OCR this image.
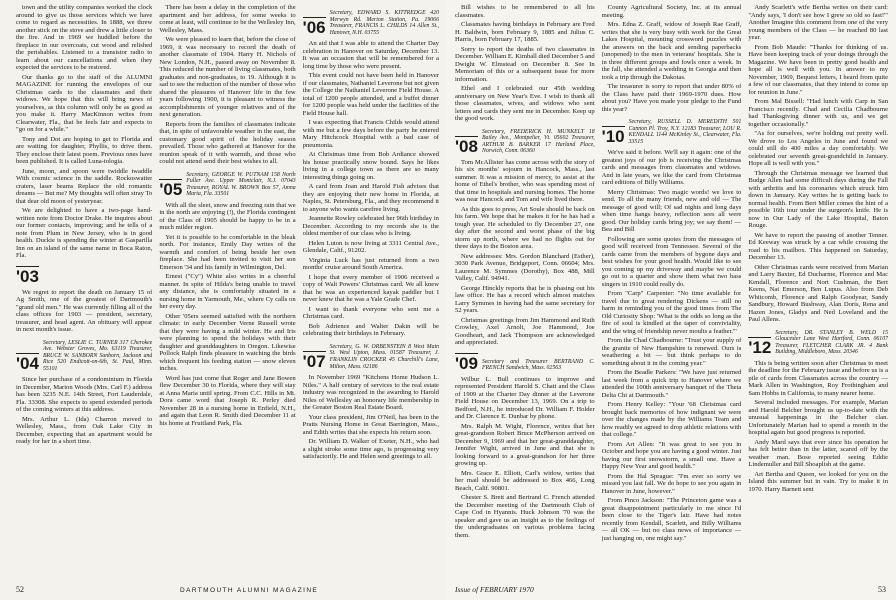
town and the utility companies worked the clock around to give us those services which we have come to regard as necessities. In 1888, we threw another stick on the stove and drew a little closer to the fire. And in 1969 we huddled before the fireplace in our overcoats, cut wood and relished the perishables. Listened to a transistor radio to learn about our cancellations and when they expected the services to be restored.

Our thanks go to the staff of the ALUMNI MAGAZINE for running the envelopes of our Christmas cards to the classmates and their widows. We hope that this will bring news of yourselves, as this column will only be as good as you make it. Harry MacKinnon writes from Clearwater, Fla., that he feels fair and expects to "go on for a while."

Tony and Dot are hoping to get to Florida and are waiting for daughter, Phyllis, to drive them. They enclose their latest poem. Previous ones have been published. It is called Luna-tologia.

June, moon, and spoon were twiddle twaddle With cosmic science in the saddle. Rockoswatter craters, laser beams Replace the old romantic dreams — But me? My thoughts will often stray To that dear old moon of yesteryear.

We are delighted to have a two-page hand-written note from Doctor Drake. He inquires about our former contacts, improving; and he tells of a note from Plum in New Jersey, who is in good health. Duckie is spending the winter at Gasparilla Inn on an island of the same name in Boca Raton, Fla.

'03

We regret to report the death on January 15 of Ag Smith, one of the greatest of Dartmouth's "grand old men." He was currently filling all of the class offices for 1903 — president, secretary, treasurer, and head agent. An obituary will appear in next month's issue.

'04
Secretary, LESLIE C. TURNER 317 Cherokee Ave. Webster Groves, Mo. 63119 Treasurer, BRUCE W. SANBORN Sanborn, Jackson and Rice 520 Endicott-on-6th, St. Paul, Minn. 55101

Since her purchase of a condominium in Florida in December, Marion Woods (Mrs. Carl F.) address has been 3235 N.E. 14th Street, Fort Lauderdale, Fla. 33308. She expects to spend extended periods of the coming winters at this address.

Mrs. Arthur L. (Ida) Charron moved to Wellesley, Mass., from Oak Lake City in December, expecting that an apartment would be ready for her in a short time.

There has been a delay in the completion of the apartment and her address, for some weeks to come at least, will continue to be the Wellesley Inn, Wellesley, Mass.

We were pleased to learn that, before the close of 1969, it was necessary to record the death of another classmate of 1904. Harry H. Nichols of New London, N.H., passed away on November 8. This reduced the number of living classmates, both graduates and non-graduates, to 19. Although it is sad to see the reduction of the number of those who shared the pleasures of Hanover life in the few years following 1900, it is pleasant to witness the accomplishments of younger relatives and of the next generation.

Reports from the families of classmates indicate that, in spite of unfavorable weather in the east, the customary good spirit of the holiday season prevailed. Those who gathered at Hanover for the reunion speak of it with warmth, and those who could not attend send their best wishes to all.

'05
Secretary, GEORGE W. PUTNAM 158 North Fuller Ave. Upper Montclair, N.J. 07043 Treasurer, ROYAL W. BROWN Box 57, Amna Maria, Fla. 33501

With all the sleet, snow and freezing rain that we in the north are enjoying (!), the Florida contingent of the Class of 1905 should be happy to be in a much milder region.

Yet it is possible to be comfortable in the bleak north. For instance, Emily Day writes of the warmth and comfort of being beside her own fireplace. She had been invited to visit her son Emerson '34 and his family in Wilmington, Del.

Ernest ("Cy") White also writes in a cheerful manner. In spite of Hilda's being unable to travel any distance, she is comfortably situated in a nursing home in Yarmouth, Me., where Cy calls on her every day.

Other '05ers seemed satisfied with the northern climate: in early December Verne Russell wrote that they were having a mild winter. He and Iris were planning to spend the holidays with their daughter and granddaughters in Oregon. Likewise Pollock Ralph finds pleasure in watching the birds which frequent his feeding station — snow eleven inches.

Word has just come that Roger and Jane Bowen flew December 30 to Florida, where they will stay at Anna Maria until spring. From C.C. Hills in Mt. Dora came word that Joseph R. Perley died November 28 in a nursing home in Enfield, N.H., and again that Leon R. Smith died December 11 at his home at Fruitland Park, Fla.

'06
Secretary, EDWARD S. KITTREDGE 420 Merwyn Rd. Merion Station, Pa. 19066 Treasurer, FRANCIS L. CHILDS 14 Allen St., Hanover, N.H. 03755

An aid that I was able to attend the Charter Day celebration in Hanover on Saturday, December 13. It was an occasion that will be remembered for a long time by those who were present.

This event could not have been held in Hanover if our classmates, Nathaniel Leverone but not given the College the Nathaniel Leverone Field House. A total of 1200 people attended, and a buffet dinner for 1200 people was held under the facilities of the Field House hall.

I was expecting that Francis Childs would attend with me but a few days before the party he entered Mary Hitchcock Hospital with a bad case of pneumonia.

At Christmas time from Bob Ardiance showed his house practically snow bound. Says he likes living in a college town as there are so many interesting things going on.

A card from Joan and Harold Fish advises that they are enjoying their new home in Florida, at Naples, St. Petersburg, Fla., and they recommend it to anyone who wants carefree living.

Jeannette Rowley celebrated her 96th birthday in December. According to my records she is the oldest member of our class who is living.

Helen Luton is now living at 3311 Central Ave., Glendale, Calif., 91202.

Virginia Luck has just returned from a two months' cruise around South America.

I hope that every member of 1906 received a copy of Walt Powers' Christmas card. We all knew that he was an experienced kayak paddler but I never knew that he was a Yale Grade Chef.

I want to thank everyone who sent me a Christmas card.

Bob Adrience and Walter Dakin will be celebrating their birthdays in February.

'07
Secretary, G. W. ORBENSTEIN 8 West Main St. West Upton, Mass. 01587 Treasurer, J. FRANKLIN CROCKER 45 Churchill's Lane, Milton, Mass. 02186

In November 1969 "Kitchens Home Hudson L. Niles." A half century of services to the real estate industry was recognized in the awarding to Harold Niles of Wellesley an honorary life membership in the Greater Boston Real Estate Board.

Your class president, Jim O'Neil, has been in the Pratts Nursing Home in Great Barrington, Mass., and Edith writes that she expects his return soon.

Dr. William D. Walker of Exeter, N.H., who had a slight stroke some time ago, is progressing very satisfactorily. He and Helen send greetings to all.

52	DARTMOUTH ALUMNI MAGAZINE

Bill wishes to be remembered to all his classmates.

Classmates having birthdays in February are Fred H. Baldwin, born February 9, 1885 and Julius C. Harris, born February 17, 1885.

Sorry to report the deaths of two classmates in December. William E. Kimball died December 5 and Dwight W. Elmstead on December 8. See In Memoriam of this or a subsequent issue for more information.

Ethel and I celebrated our 45th wedding anniversary on New Year's Eve. I wish to thank all those classmates, wives, and widows who sent letters and cards they sent me in December. Keep up the good work.

'08
Secretary, FREDERICK H. MUNKELT 18 Bailey Ave., Montpelier, Vt. 05602 Treasurer, ARTHUR B. BARKER 17 Harland Place, Norwich, Conn. 06360

Tom McAllister has come across with the story of his six months' sojourn in Hancock, Mass., last summer. It was a mission of mercy, to assist at the home of Ethel's brother, who was spending most of that time in hospitals and nursing homes. The home was near Hancock and Tom and wife lived there.

As this goes to press, Art Soule should be back on his farm. We hope that he makes it for he has had a tough year. He scheduled to fly December 27, one day after the second and worst phase of the big storm up north, where we had no flights out for three days to the Boston area.

New addresses: Mrs. Gordon Blanchard (Esther), 3030 Park Avenue, Bridgeport, Conn. 06604; Mrs. Laurence M. Symmes (Dorothy), Box 488, Mill Valley, Calif. 94941.

George Hinckly reports that he is phasing out his law office. He has a record which almost matches Larry Symmes in having had the same secretary for 52 years.

Christmas greetings from Jim Hammond and Ruth Crowley, Axel Arnolt, Joe Hammond, Joe Goodheart, and Jack Thompson are acknowledged and appreciated.

'09 Secretary and Treasurer BERTRAND C. FRENCH Sandwich, Mass. 02563

Wilbur L. Bull continues to improve and represented President Harold S. Chatt and the Class of 1909 at the Charter Day dinner at the Leverone Field House on December 13, 1969. On a trip to Bedford, N.H., he introduced Dr. William F. Holder and Dr. Clarence E. Dunbar by phone.

Mrs. Ralph M. Wight, Florence, writes that her great-grandson Robert Bruce McPherson arrived on December 9, 1969 and that her great-granddaughter, Jennifer Wight, arrived in June and that she is looking forward to a great-grandson for her three growing up.

Mrs. Grace E. Elliott, Carl's widow, writes that her mail should be addressed to Box 466, Long Beach, Calif. 90801.

Chester S. Brett and Bertrand C. French attended the December meeting of the Dartmouth Club of Cape Cod in Hyannis. Huck Johnson '70 was the speaker and gave us an insight as to the feelings of the undergraduates on various problems facing them.

County Agricultural Society, Inc. at its annual meeting.

Mrs. Edna Z. Graff, widow of Joseph Rae Graff, writes that she is very busy with work for the Great Lakes Hospital, mounting crossword puzzles with the answers on the back and sending paperbacks (unopened) to the men in veterans' hospitals. She is in three different groups and fowls once a week. In the fall, she attended a wedding in Georgia and then took a trip through the Dakotas.

The treasurer is sorry to report that under 80% of the Class have paid their 1969-1970 dues. How about you? Have you made your pledge to the Fund this year?

'10
Secretary, RUSSELL D. MEREDITH 501 Cannon Pl. Troy, N.Y. 12183 Treasurer, LOU R. KENDALL 1144 McKinley St., Clearwater, Fla. 33515

We've said it before. We'll say it again: one of the greatest joys of our job is receiving the Christmas cards and messages from classmates and widows. And in late years, we like the card from Christmas card editions of Billy Williams.

Merry Christmas: Two magic words! we love to send. To all the many friends, new and old — The message of good will; Of sad nights and long days when time hangs heavy, reflection sees all were good. Our holiday cards bring joy; we say them! — Bea and Bill

Following are some quotes from the messages of good will received from Tennessee. Several of the cards came from the members of bygone days and best wishes for your good health. Would like to see you coming up my driveway and maybe we could go out to a quarter and show them what two bass singers in 1910 could really do.

From "Carp" Carpenter: "No time available for travel due to great rendering Dickens — still no harm in reminding you of the good times from The Old Curiosity Shop: 'What is the odds so long as the fire of soul is kindled at the taper of conviviality, and the wing of friendship never moults a feather.'"

From the Chad Chadbourne: "Trust your supply of the granite of New Hampshire is renewed. Ours is weathering a bit — but think perhaps to do something about it in the coming year."

From the Beadle Parkers: "We have just returned last week from a quick trip to Hanover where we attended the 100th anniversary banquet of the Theta Delta Chi at Dartmouth."

From Henry Kelley: "Your '68 Christmas card brought back memories of how indignant we were over the changes made by the Williams Team and how readily we agreed to drop athletic relations with that college."

From Art Allen: "It was great to see you in October and hope you are having a good winter. Just having our first snowstorm, a small one. Have a Happy New Year and good health."

From the Hal Sprague: "I'm ever so sorry we missed you last fall. We do hope to see you again in Hanover in June, however."

From Pinco Jackson: "The Princeton game was a great disappointment particularly to me since I'd been close to the Tiger's lair. Have had notes recently from Kendall, Scarlett, and Billy Williams — all OK — but no class news of importance — just hanging on, one might say."

Andy Scarlett's wife Bertha writes on their card: "Andy says, 'I don't see how I grew so old so fast!'" Another Imagine this comment from one of the very young members of the Class — he reached 80 last year.

From Bob Maude: "Thanks for thinking of us. Have been keeping track of your doings through the Magazine. We have been in pretty good health and hope all is well with you. In answer to my November, 1969, Bequest letters, I heard from quite a few of our classmates, that they intend to come up for reunion in June."

From Mal Bissell: "Had lunch with Carp in San Francisco recently. Chad and Cecilia Chadbourne had Thanksgiving dinner with us, and we get together occasionally."

"As for ourselves, we're holding out pretty well. We drove to Los Angeles in June and found we could still do 400 miles a day comfortably. We celebrated our seventh great-grandchild in January. Hope all is well with you."

Through the Christmas message we learned that Budge Allen had some difficult days during the Fall with arthritis and his coronaries which struck him down in January. Kay writes he is getting back to normal health. From Bert Miller comes the hint of a possible 16th tour under the surgeon's knife. He is now in Our Lady of the Lake Hospital, Baton Rouge.

We have to report the passing of another Tenner. Ed Keeway was struck by a car while crossing the road to his mailbox. This happened on Saturday, December 13.

Other Christmas cards were received from Marian and Larry Baxter, Ed Ducharme, Florence and Mac Kendall, Florence and Nort Cushman, the Bert Keens, Nat Emerson, Ben Lupus. Also from Deb Whitcomb, Florence and Ralph Goodyear, Sandy Sandbury, Howard Bushway, Alan Doris, Rena and Hazen Jones, Gladys and Ned Loveland and the Paul Allens.

'12
Secretary, DR. STANLEY B. WELD 15 Gloucester Lane West Hartford, Conn. 06107 Treasurer, FLETCHER CLARK JR. 4 Bank Building, Middleboro, Mass. 20346

This is being written soon after Christmas to meet the deadline for the February issue and before us is a pile of cards from Classmates across the country — Mark Allen in Washington, Roy Frothingham and Sam Hobbs in California, to many nearer home.

Several included messages. For example, Marian and Harold Belcher brought us up-to-date with the unusual happenings in the Belcher clan. Unfortunately Marian had to spend a month in the hospital again but good progress is reported.

Andy Mard says that ever since his operation he has felt better than in the latter, scared off by the weather man. Bose reported seeing Eddie Lindemuller and Bill Shoaplish at the game.

Art Bertha and Queen, we looked for you on the Island this summer but in vain. Try to make it in 1970. Harry Barnett sent

Issue of FEBRUARY 1970	53
